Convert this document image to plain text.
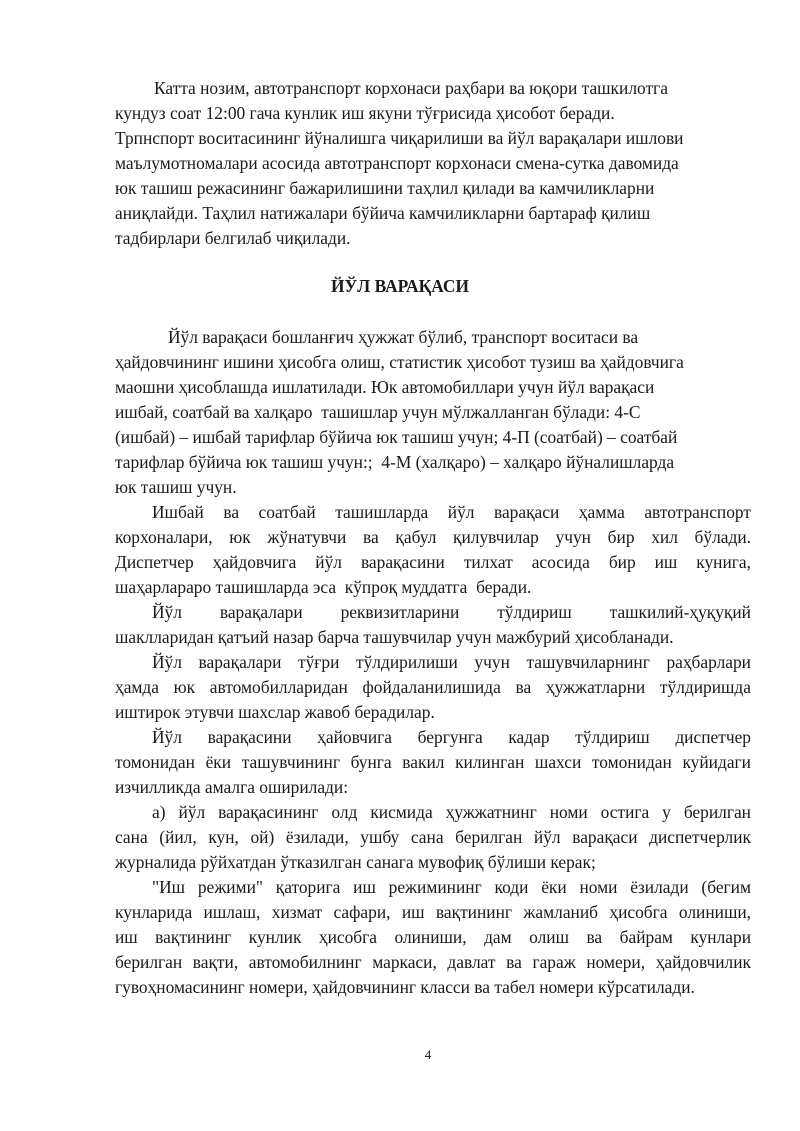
Катта нозим, автотранспорт корхонаси раҳбари ва юқори ташкилотга
кундуз соат 12:00 гача кунлик иш якуни тўғрисида ҳисобот беради.
Трпнспорт воситасининг йўналишга чиқарилиши ва йўл варақалари ишлови
маълумотномалари асосида автотранспорт корхонаси смена-сутка давомида
юк ташиш режасининг бажарилишини таҳлил қилади ва камчиликларни
аниқлайди. Таҳлил натижалари бўйича камчиликларни бартараф қилиш
тадбирлари белгилаб чиқилади.
ЙЎЛ ВАРАҚАСИ
Йўл варақаси бошланғич ҳужжат бўлиб, транспорт воситаси ва
ҳайдовчининг ишини ҳисобга олиш, статистик ҳисобот тузиш ва ҳайдовчига
маошни ҳисоблашда ишлатилади. Юк автомобиллари учун йўл варақаси
ишбай, соатбай ва халқаро  ташишлар учун мўлжалланган бўлади: 4-С
(ишбай) – ишбай тарифлар бўйича юк ташиш учун; 4-П (соатбай) – соатбай
тарифлар бўйича юк ташиш учун:;  4-М (халқаро) – халқаро йўналишларда
юк ташиш учун.
Ишбай ва соатбай ташишларда йўл варақаси ҳамма автотранспорт
корхоналари, юк жўнатувчи ва қабул қилувчилар учун бир хил бўлади.
Диспетчер ҳайдовчига йўл варақасини тилхат асосида бир иш кунига,
шаҳарлараро ташишларда эса  кўпроқ муддатга  беради.
Йўл варақалари реквизитларини тўлдириш ташкилий-ҳуқуқий
шаклларидан қатъий назар барча ташувчилар учун мажбурий ҳисобланади.
Йўл варақалари тўғри тўлдирилиши учун ташувчиларнинг раҳбарлари
ҳамда юк автомобилларидан фойдаланилишида ва ҳужжатларни тўлдиришда
иштирок этувчи шахслар жавоб берадилар.
Йўл варақасини ҳайовчига бергунга кадар тўлдириш диспетчер
томонидан ёки ташувчининг бунга вакил килинган шахси томонидан куйидаги
изчилликда амалга оширилади:
а) йўл варақасининг олд кисмида ҳужжатнинг номи остига у берилган
сана (йил, кун, ой) ёзилади, ушбу сана берилган йўл варақаси диспетчерлик
журналида рўйхатдан ўтказилган санага мувофиқ бўлиши керак;
"Иш режими" қаторига иш режимининг коди ёки номи ёзилади (бегим
кунларида ишлаш, хизмат сафари, иш вақтининг жамланиб ҳисобга олиниши,
иш вақтининг кунлик ҳисобга олиниши, дам олиш ва байрам кунлари
берилган вақти, автомобилнинг маркаси, давлат ва гараж номери, ҳайдовчилик
гувоҳномасининг номери, ҳайдовчининг класси ва табел номери кўрсатилади.
4
